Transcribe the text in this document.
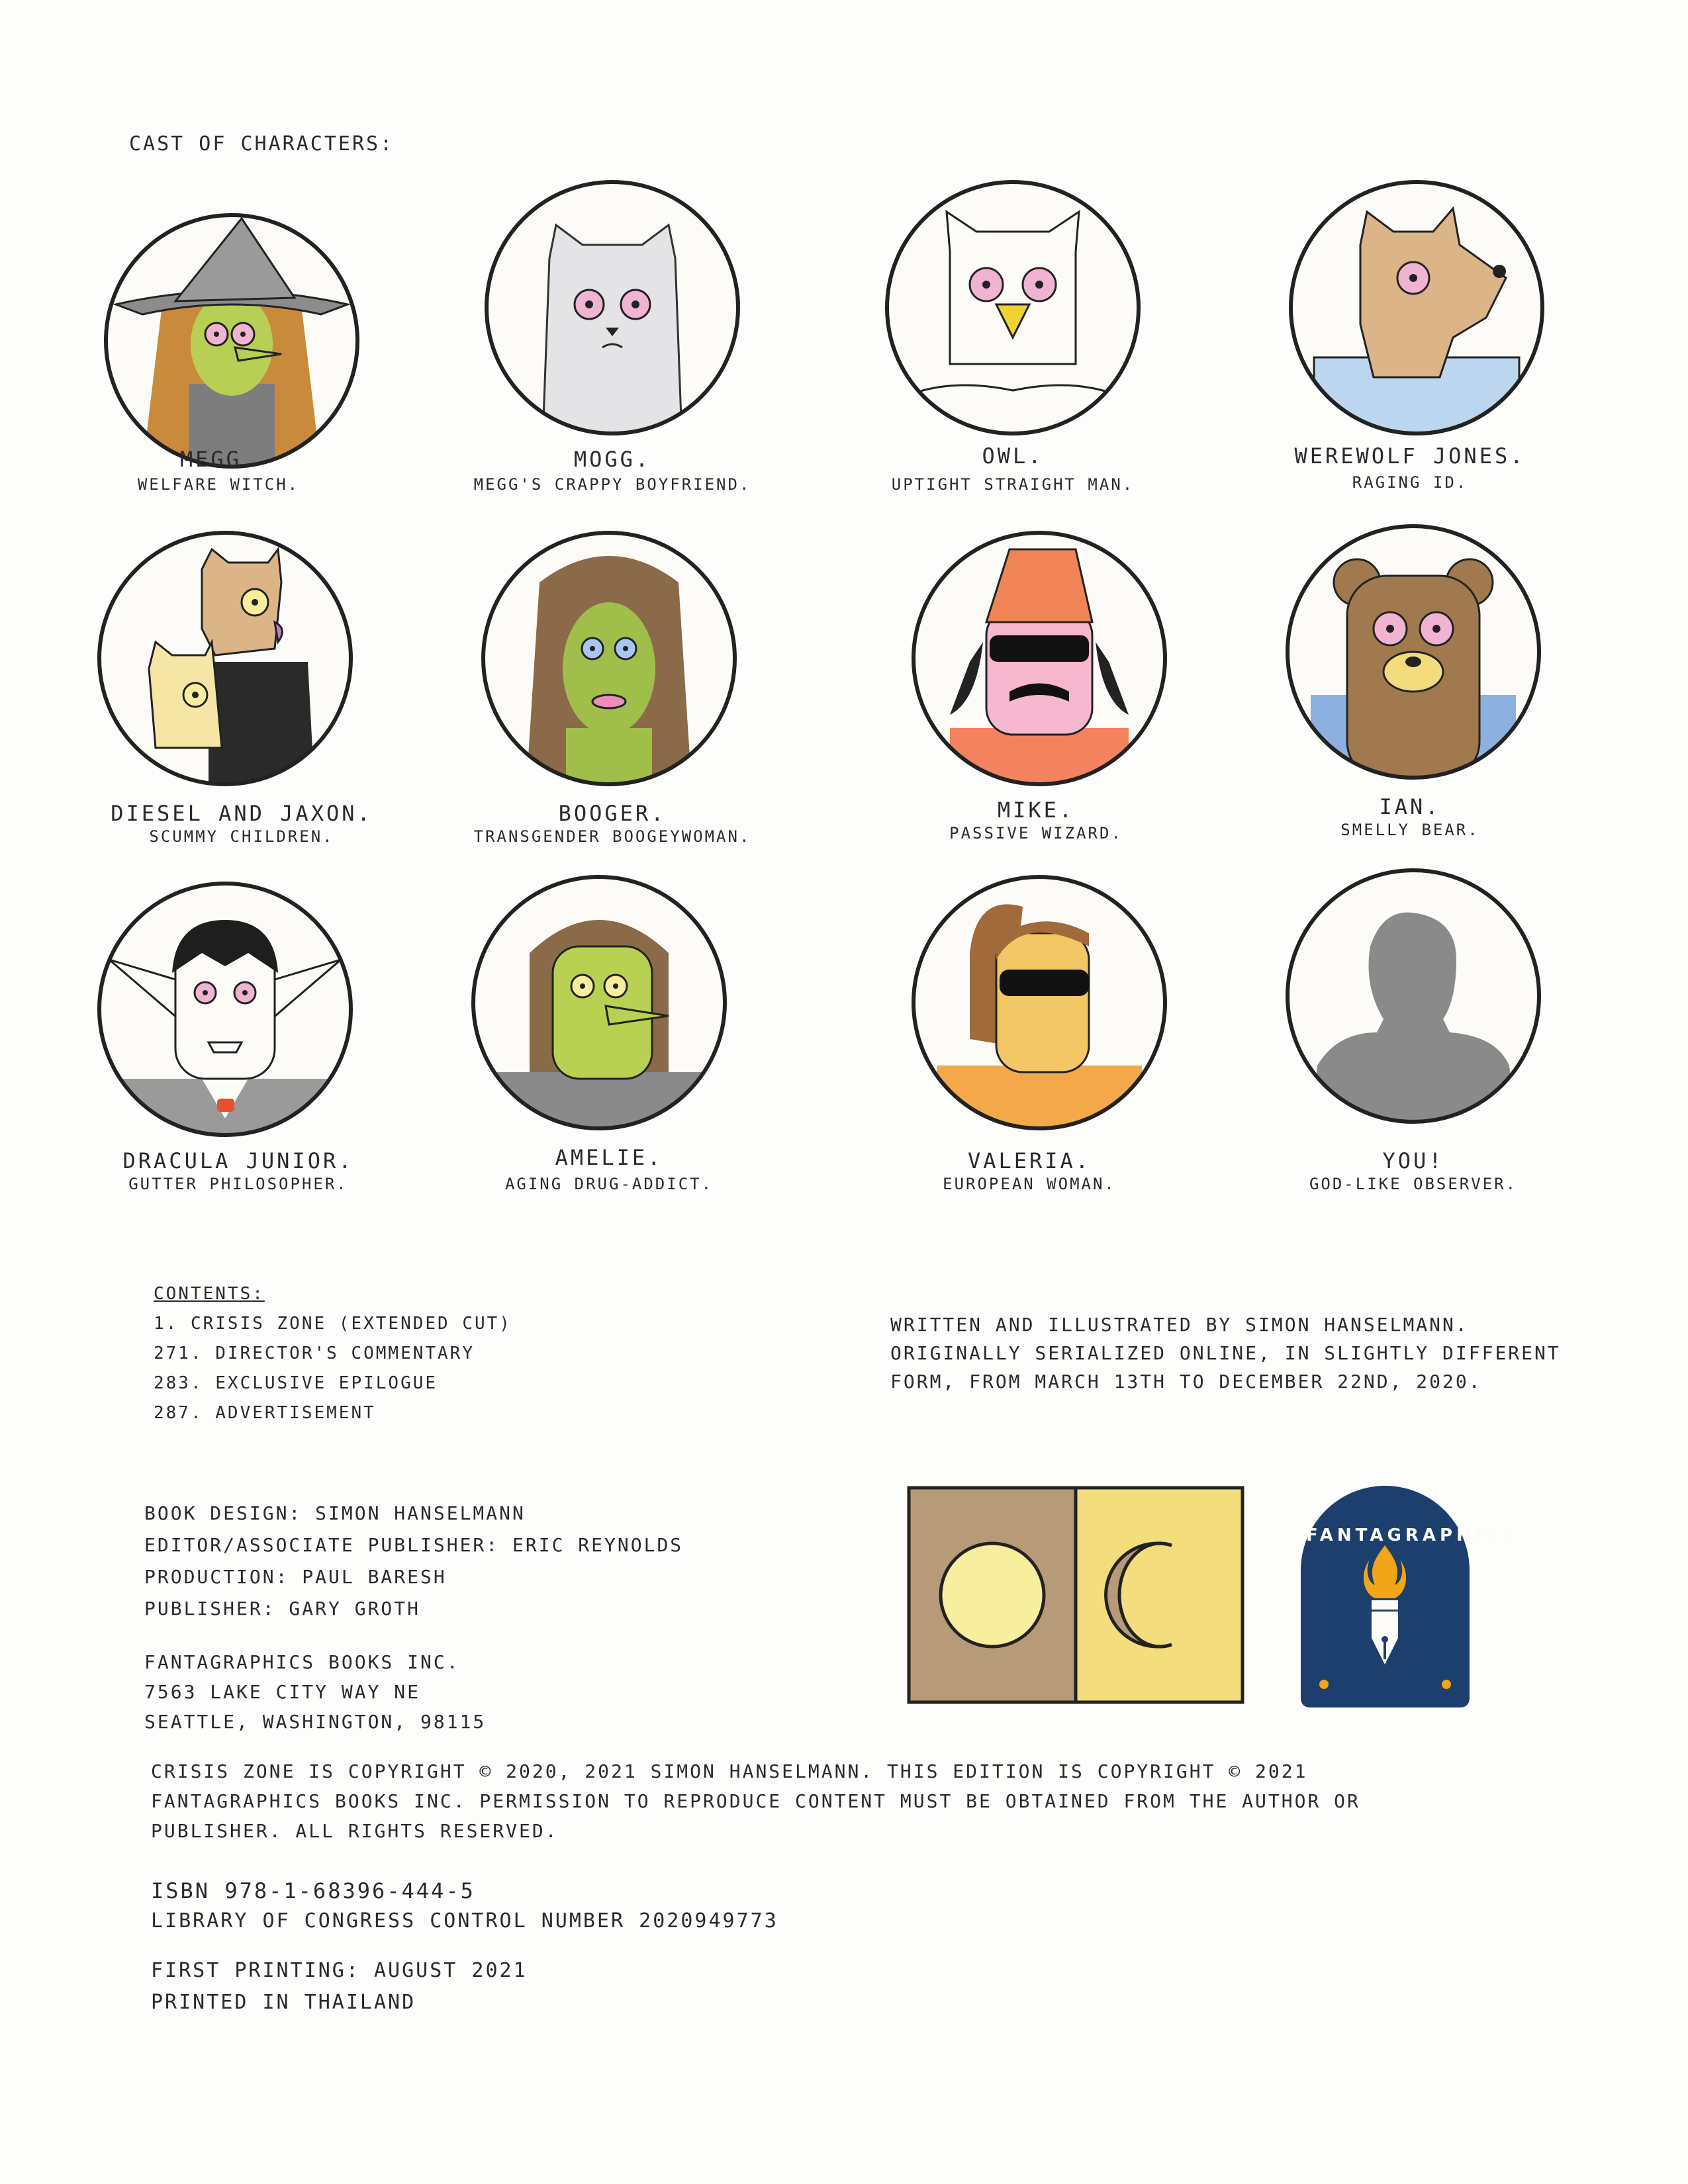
CAST OF CHARACTERS:
MEGG.
WELFARE WITCH.
MOGG.
MEGG'S CRAPPY BOYFRIEND.
OWL.
UPTIGHT STRAIGHT MAN.
WEREWOLF JONES.
RAGING ID.
DIESEL AND JAXON.
SCUMMY CHILDREN.
BOOGER.
TRANSGENDER BOOGEYWOMAN.
MIKE.
PASSIVE WIZARD.
IAN.
SMELLY BEAR.
DRACULA JUNIOR.
GUTTER PHILOSOPHER.
AMELIE.
AGING DRUG-ADDICT.
VALERIA.
EUROPEAN WOMAN.
YOU!
GOD-LIKE OBSERVER.
CONTENTS:
1. CRISIS ZONE (EXTENDED CUT)
271. DIRECTOR'S COMMENTARY
283. EXCLUSIVE EPILOGUE
287. ADVERTISEMENT
WRITTEN AND ILLUSTRATED BY SIMON HANSELMANN.
ORIGINALLY SERIALIZED ONLINE, IN SLIGHTLY DIFFERENT
FORM, FROM MARCH 13TH TO DECEMBER 22ND, 2020.
BOOK DESIGN: SIMON HANSELMANN
EDITOR/ASSOCIATE PUBLISHER: ERIC REYNOLDS
PRODUCTION: PAUL BARESH
PUBLISHER: GARY GROTH
FANTAGRAPHICS BOOKS INC.
7563 LAKE CITY WAY NE
SEATTLE, WASHINGTON, 98115
FANTAGRAPHICS
CRISIS ZONE IS COPYRIGHT © 2020, 2021 SIMON HANSELMANN. THIS EDITION IS COPYRIGHT © 2021
FANTAGRAPHICS BOOKS INC. PERMISSION TO REPRODUCE CONTENT MUST BE OBTAINED FROM THE AUTHOR OR
PUBLISHER. ALL RIGHTS RESERVED.
ISBN 978-1-68396-444-5
LIBRARY OF CONGRESS CONTROL NUMBER 2020949773
FIRST PRINTING: AUGUST 2021
PRINTED IN THAILAND
